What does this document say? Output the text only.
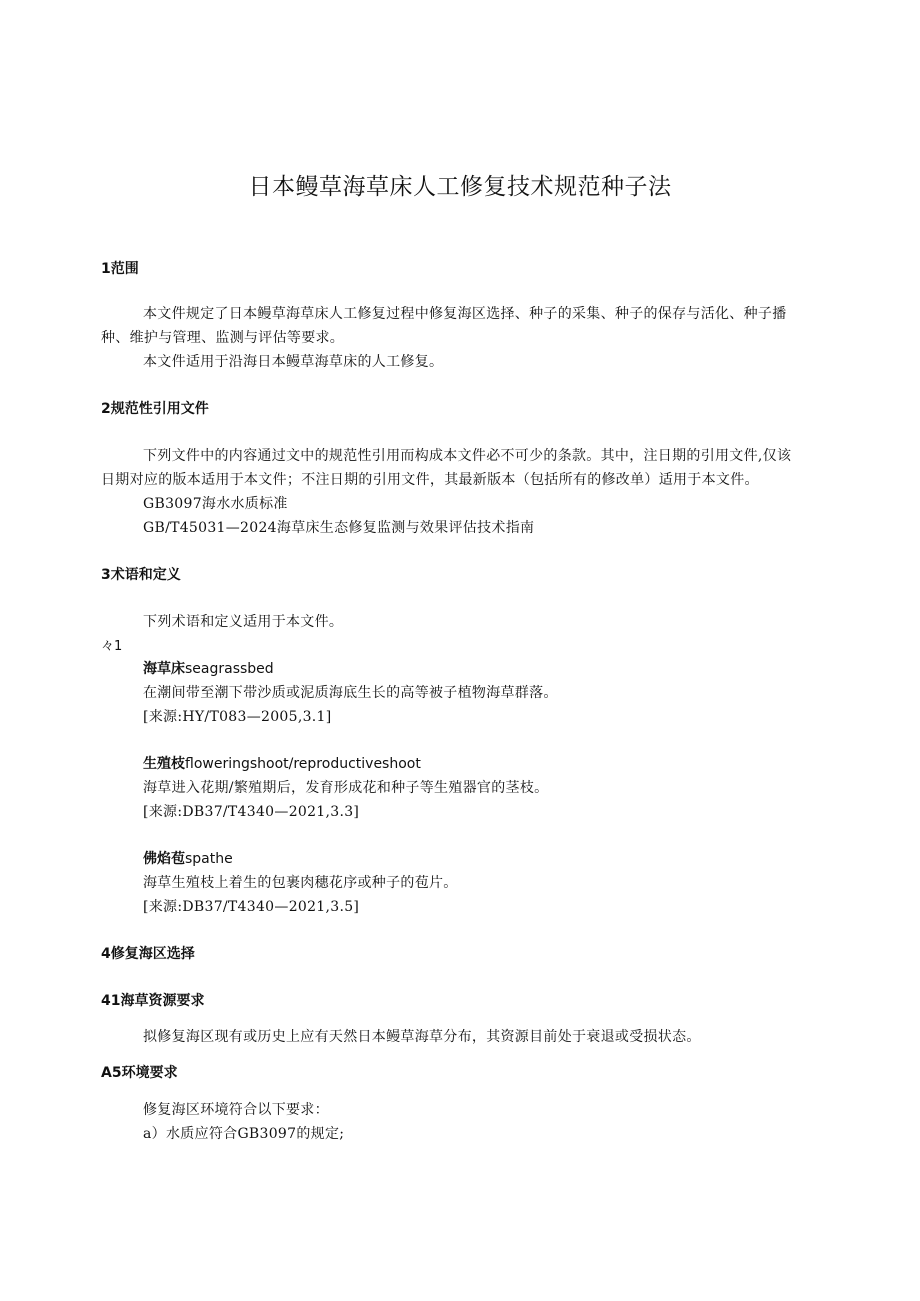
日本鳗草海草床人工修复技术规范种子法
1范围
本文件规定了日本鳗草海草床人工修复过程中修复海区选择、种子的采集、种子的保存与活化、种子播
种、维护与管理、监测与评估等要求。
本文件适用于沿海日本鳗草海草床的人工修复。
2规范性引用文件
下列文件中的内容通过文中的规范性引用而构成本文件必不可少的条款。其中，注日期的引用文件,仅该
日期对应的版本适用于本文件；不注日期的引用文件，其最新版本（包括所有的修改单）适用于本文件。
GB3097海水水质标准
GB/T45031—2024海草床生态修复监测与效果评估技术指南
3术语和定义
下列术语和定义适用于本文件。
々1
海草床seagrassbed
在潮间带至潮下带沙质或泥质海底生长的高等被子植物海草群落。
[来源:HY/T083—2005,3.1]
生殖枝floweringshoot/reproductiveshoot
海草进入花期/繁殖期后，发育形成花和种子等生殖器官的茎枝。
[来源:DB37/T4340—2021,3.3]
佛焰苞spathe
海草生殖枝上着生的包裹肉穗花序或种子的苞片。
[来源:DB37/T4340—2021,3.5]
4修复海区选择
41海草资源要求
拟修复海区现有或历史上应有天然日本鳗草海草分布，其资源目前处于衰退或受损状态。
A5环境要求
修复海区环境符合以下要求：
a）水质应符合GB3097的规定;
